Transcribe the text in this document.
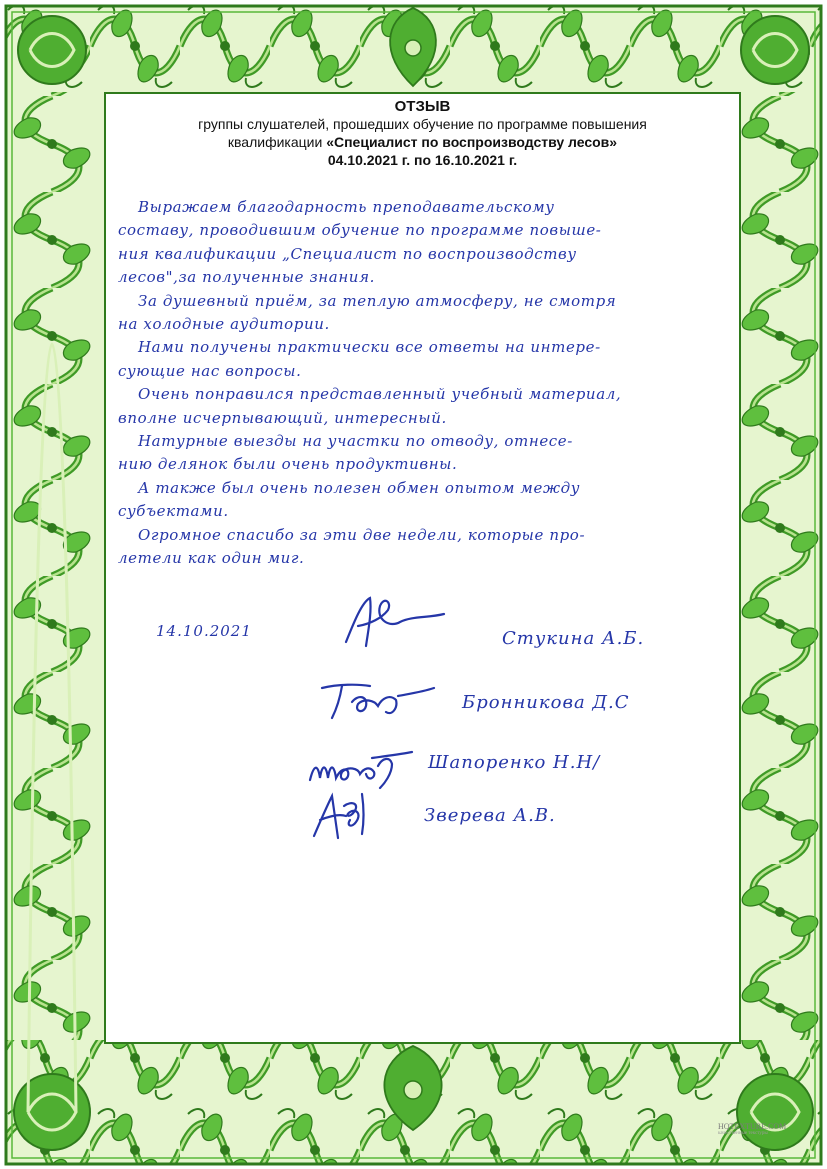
ОТЗЫВ
группы слушателей, прошедших обучение по программе повышения
квалификации «Специалист по воспроизводству лесов»
04.10.2021 г. по 16.10.2021 г.
Выражаем благодарность преподавательскому
составу, проводившим обучение по программе повыше-
ния квалификации „Специалист по воспроизводству
лесов",за полученные знания.
За душевный приём, за теплую атмосферу, не смотря
на холодные аудитории.
Нами получены практически все ответы на интере-
сующие нас вопросы.
Очень понравился представленный учебный материал,
вполне исчерпывающий, интересный.
Натурные выезды на участки по отводу, отнесе-
нию делянок были очень продуктивны.
А также был очень полезен обмен опытом между
субъектами.
Огромное спасибо за эти две недели, которые про-
летели как один миг.
14.10.2021	Стукина А.Б.
Бронникова Д.С
Шапоренко Н.Н/
Зверева А.В.
HQTEXTURE.COM
качественные текстуры
